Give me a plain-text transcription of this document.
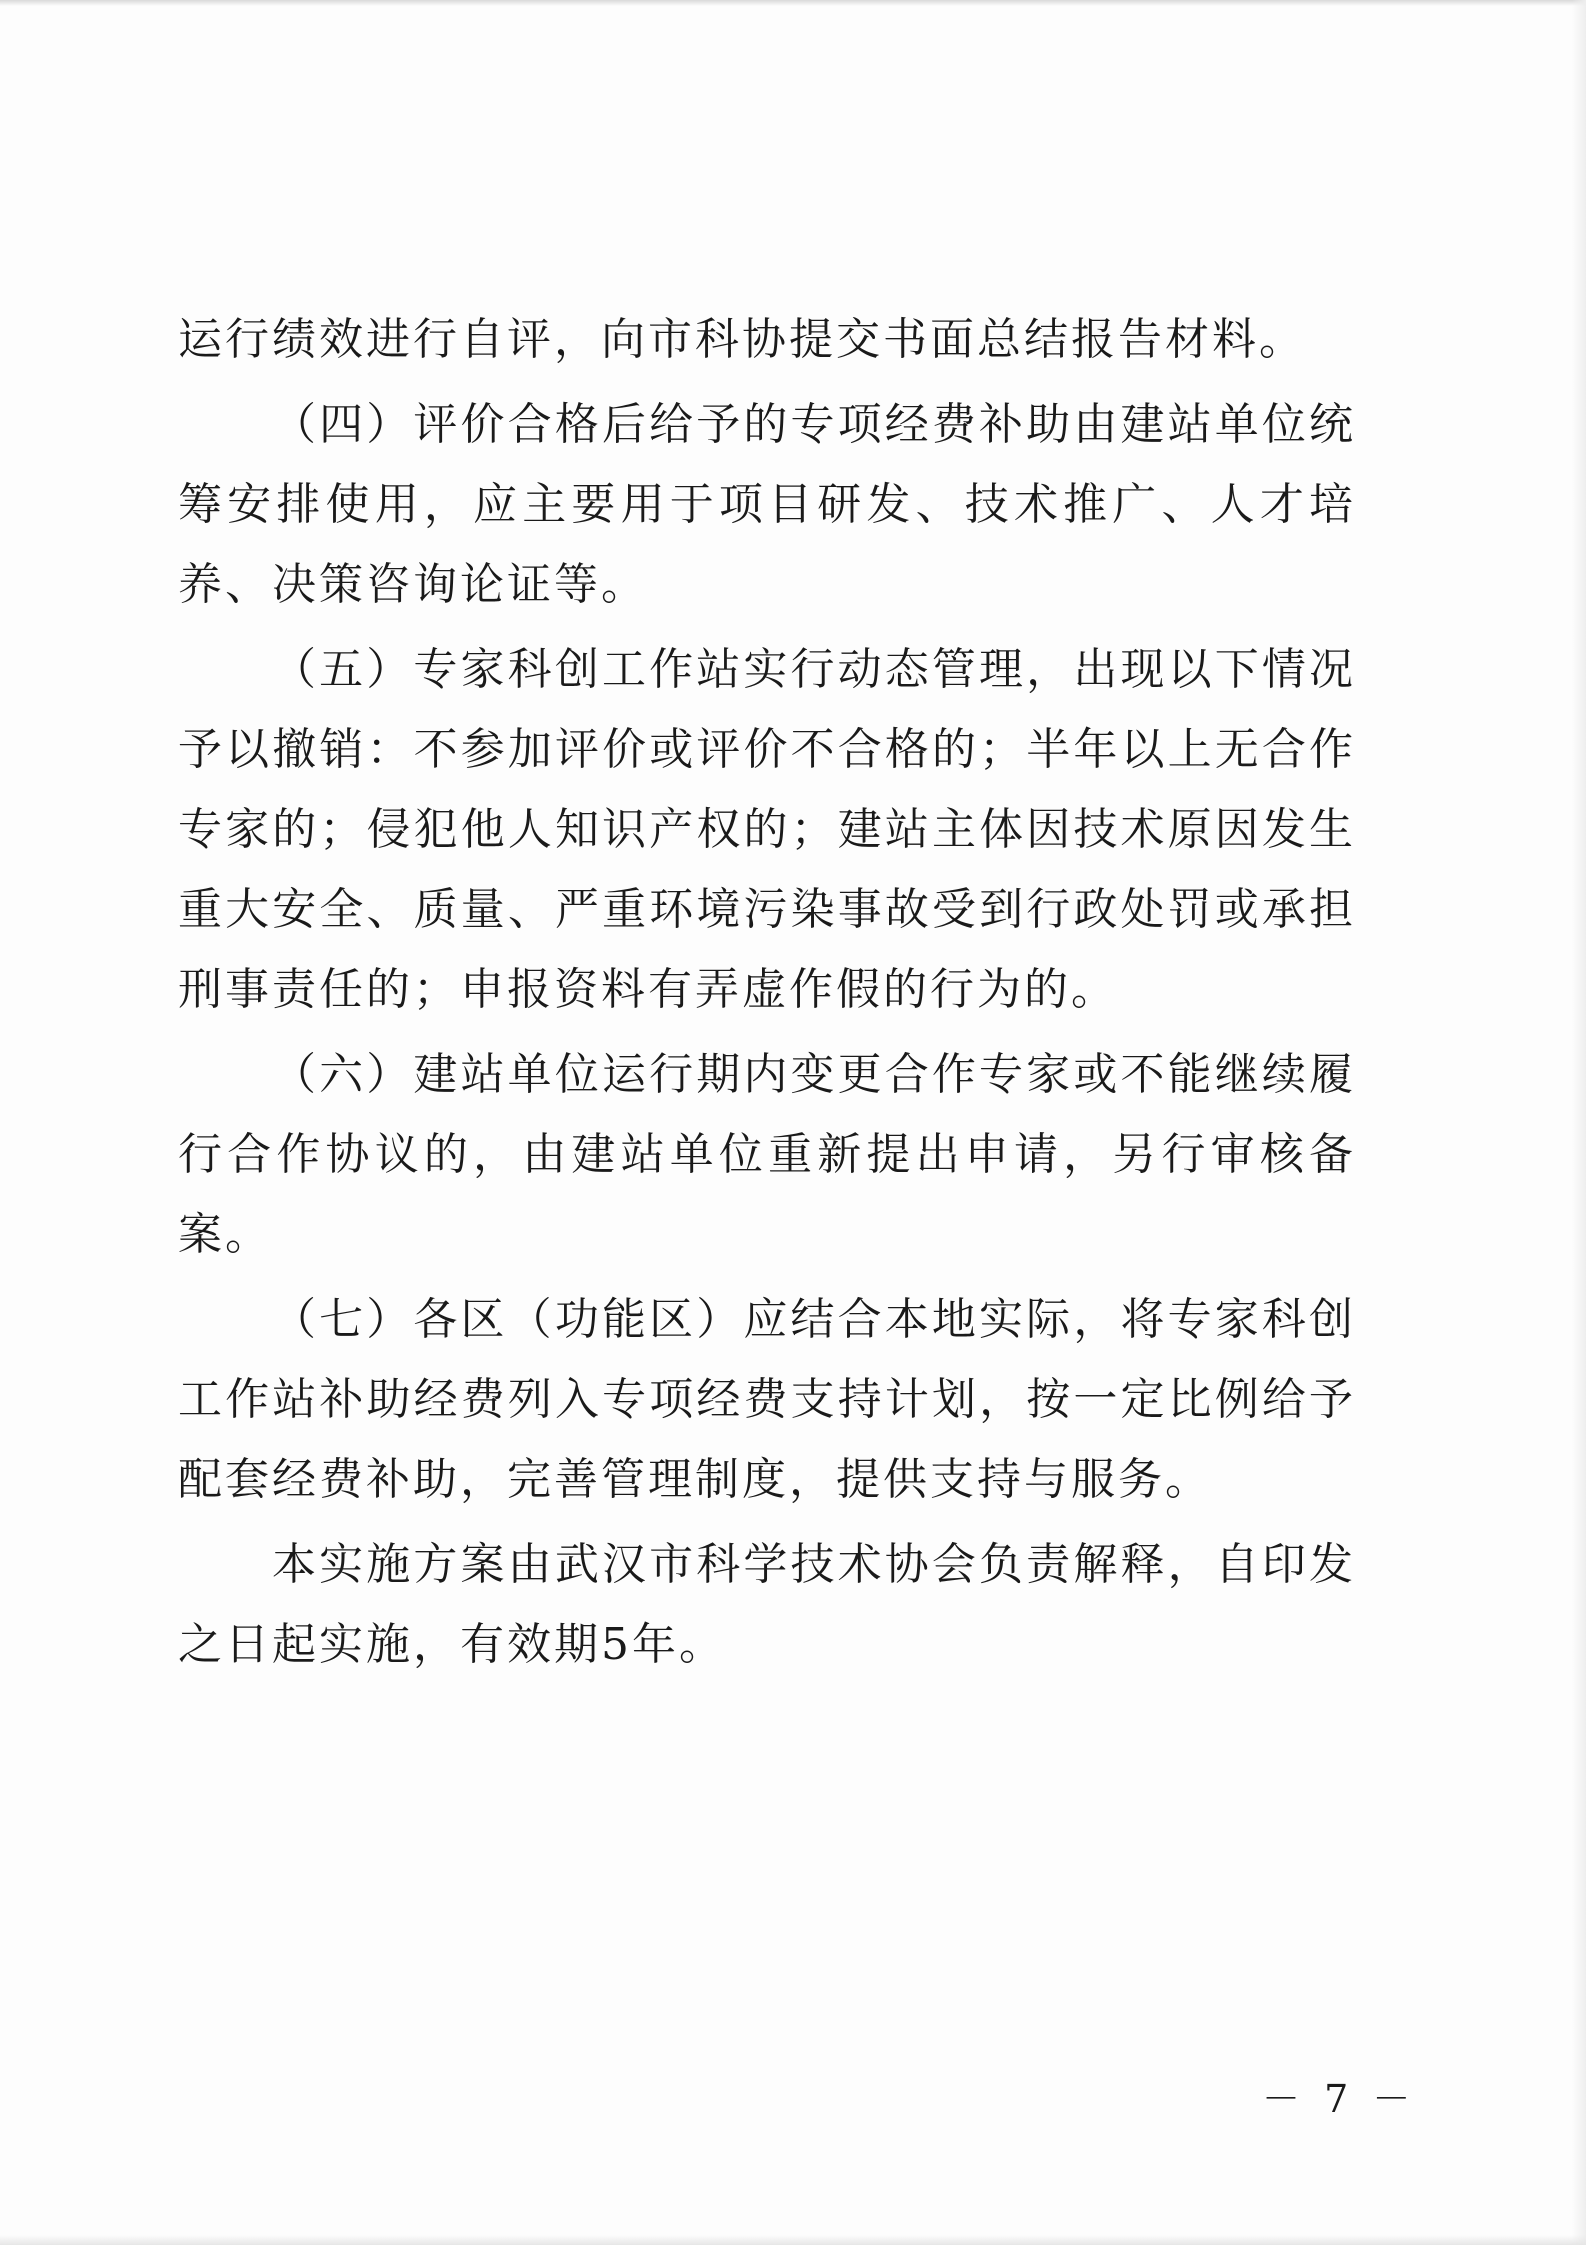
运行绩效进行自评，向市科协提交书面总结报告材料。

（四）评价合格后给予的专项经费补助由建站单位统筹安排使用，应主要用于项目研发、技术推广、人才培养、决策咨询论证等。

（五）专家科创工作站实行动态管理，出现以下情况予以撤销：不参加评价或评价不合格的；半年以上无合作专家的；侵犯他人知识产权的；建站主体因技术原因发生重大安全、质量、严重环境污染事故受到行政处罚或承担刑事责任的；申报资料有弄虚作假的行为的。

（六）建站单位运行期内变更合作专家或不能继续履行合作协议的，由建站单位重新提出申请，另行审核备案。

（七）各区（功能区）应结合本地实际，将专家科创工作站补助经费列入专项经费支持计划，按一定比例给予配套经费补助，完善管理制度，提供支持与服务。

本实施方案由武汉市科学技术协会负责解释，自印发之日起实施，有效期5年。

－ 7 －
